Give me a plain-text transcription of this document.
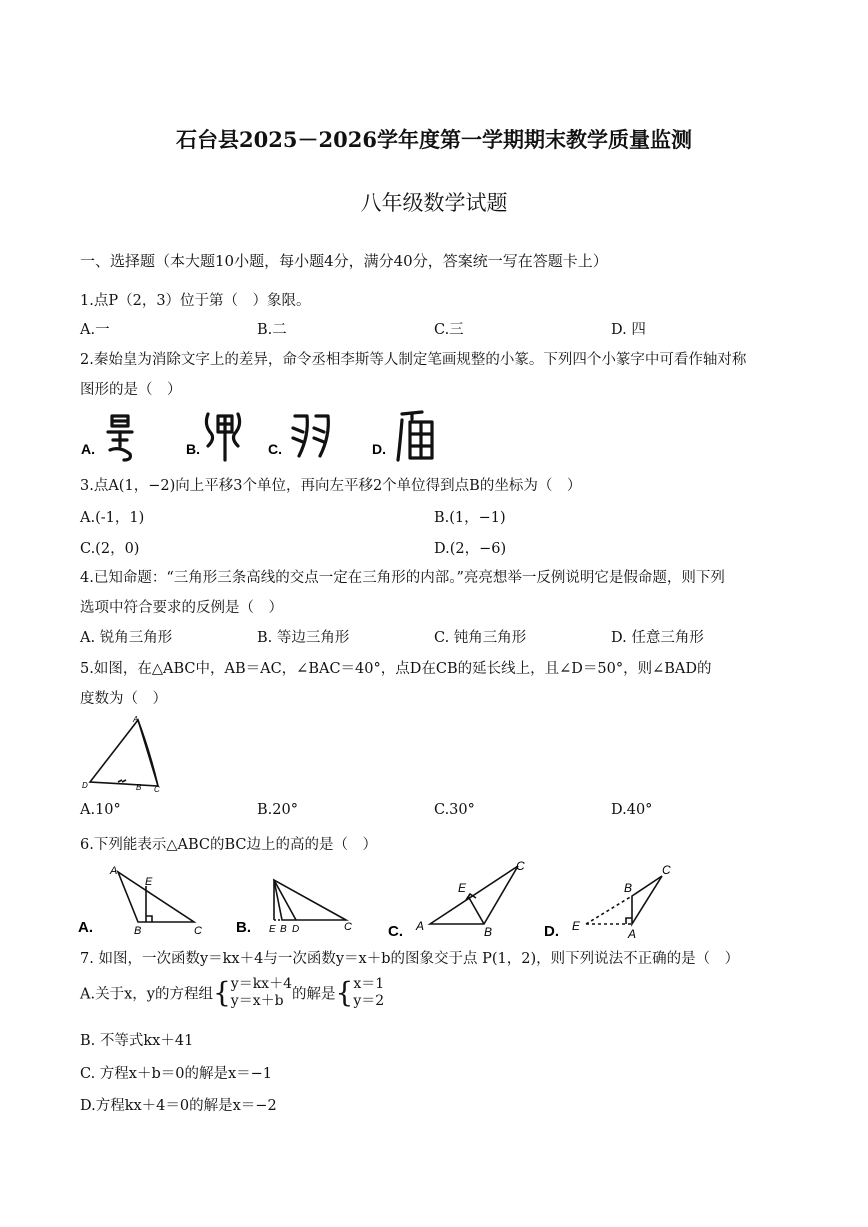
石台县2025－2026学年度第一学期期末教学质量监测
八年级数学试题
一、选择题（本大题10小题，每小题4分，满分40分，答案统一写在答题卡上）
1.点P（2，3）位于第（　）象限。
A.一	B.二	C.三	D. 四
2.秦始皇为消除文字上的差异，命令丞相李斯等人制定笔画规整的小篆。下列四个小篆字中可看作轴对称
图形的是（　）
A.	B.	C.	D.
3.点A(1，−2)向上平移3个单位，再向左平移2个单位得到点B的坐标为（　）
A.(-1，1)	B.(1，−1)
C.(2，0)	D.(2，−6)
4.已知命题：“三角形三条高线的交点一定在三角形的内部。”亮亮想举一反例说明它是假命题，则下列
选项中符合要求的反例是（　）
A. 锐角三角形	B. 等边三角形	C. 钝角三角形	D. 任意三角形
5.如图，在△ABC中，AB＝AC，∠BAC＝40°，点D在CB的延长线上，且∠D＝50°，则∠BAD的
度数为（　）
A
D	B C
A.10°	B.20°	C.30°	D.40°
6.下列能表示△ABC的BC边上的高的是（　）
A.
A
E
B	C B. E B D	C C.
C
E
A	B	D.
C
B
E
A
7. 如图，一次函数y＝kx＋4与一次函数y＝x＋b的图象交于点 P(1，2)，则下列说法不正确的是（　）
A.关于x，y的方程组{ y＝kx＋4
y＝x＋b 的解是{ x＝1
y＝2
B. 不等式kx＋41
C. 方程x＋b＝0的解是x＝−1
D.方程kx＋4＝0的解是x＝−2
